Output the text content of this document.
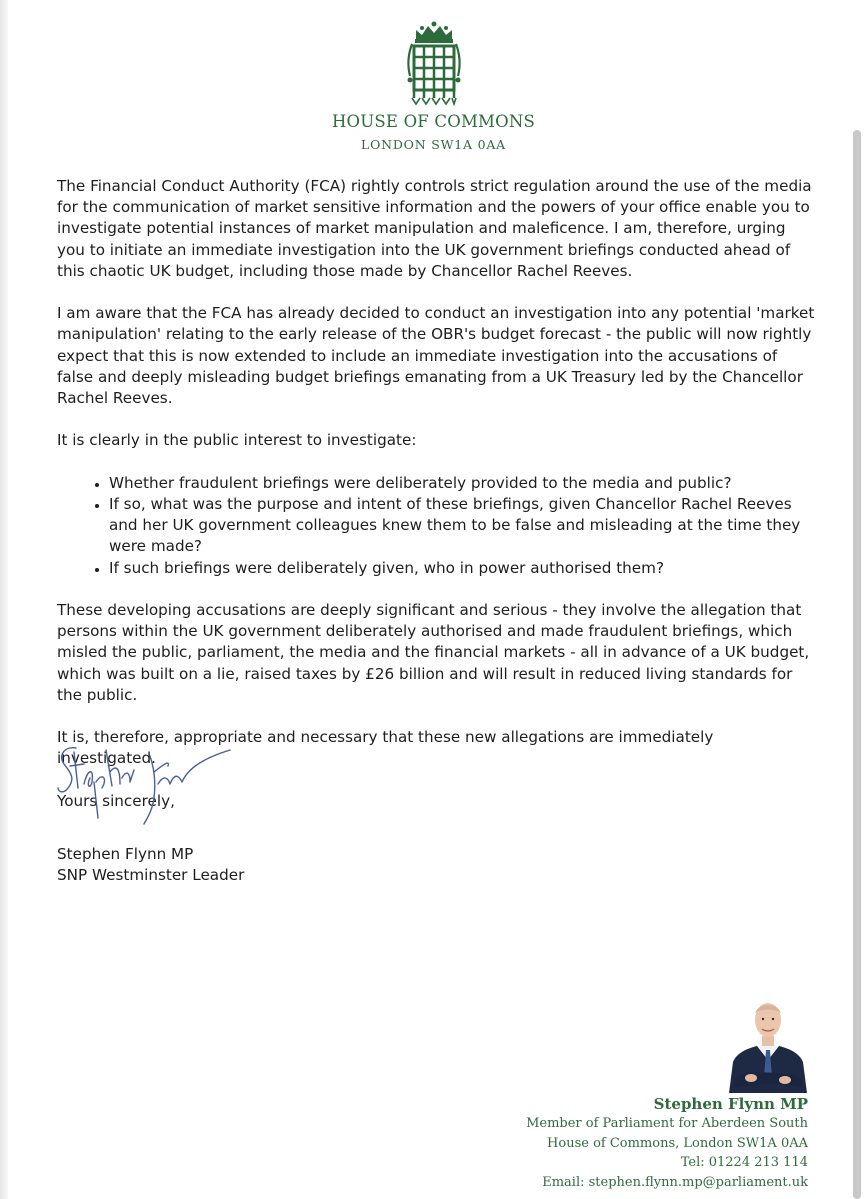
HOUSE OF COMMONS
LONDON SW1A 0AA

The Financial Conduct Authority (FCA) rightly controls strict regulation around the use of the media for the communication of market sensitive information and the powers of your office enable you to investigate potential instances of market manipulation and maleficence. I am, therefore, urging you to initiate an immediate investigation into the UK government briefings conducted ahead of this chaotic UK budget, including those made by Chancellor Rachel Reeves.

I am aware that the FCA has already decided to conduct an investigation into any potential 'market manipulation' relating to the early release of the OBR's budget forecast - the public will now rightly expect that this is now extended to include an immediate investigation into the accusations of false and deeply misleading budget briefings emanating from a UK Treasury led by the Chancellor Rachel Reeves.

It is clearly in the public interest to investigate:

• Whether fraudulent briefings were deliberately provided to the media and public?
• If so, what was the purpose and intent of these briefings, given Chancellor Rachel Reeves and her UK government colleagues knew them to be false and misleading at the time they were made?
• If such briefings were deliberately given, who in power authorised them?

These developing accusations are deeply significant and serious - they involve the allegation that persons within the UK government deliberately authorised and made fraudulent briefings, which misled the public, parliament, the media and the financial markets - all in advance of a UK budget, which was built on a lie, raised taxes by £26 billion and will result in reduced living standards for the public.

It is, therefore, appropriate and necessary that these new allegations are immediately investigated.

Yours sincerely,

Stephen Flynn MP
SNP Westminster Leader
Stephen Flynn MP
Member of Parliament for Aberdeen South
House of Commons, London SW1A 0AA
Tel: 01224 213 114
Email: stephen.flynn.mp@parliament.uk
